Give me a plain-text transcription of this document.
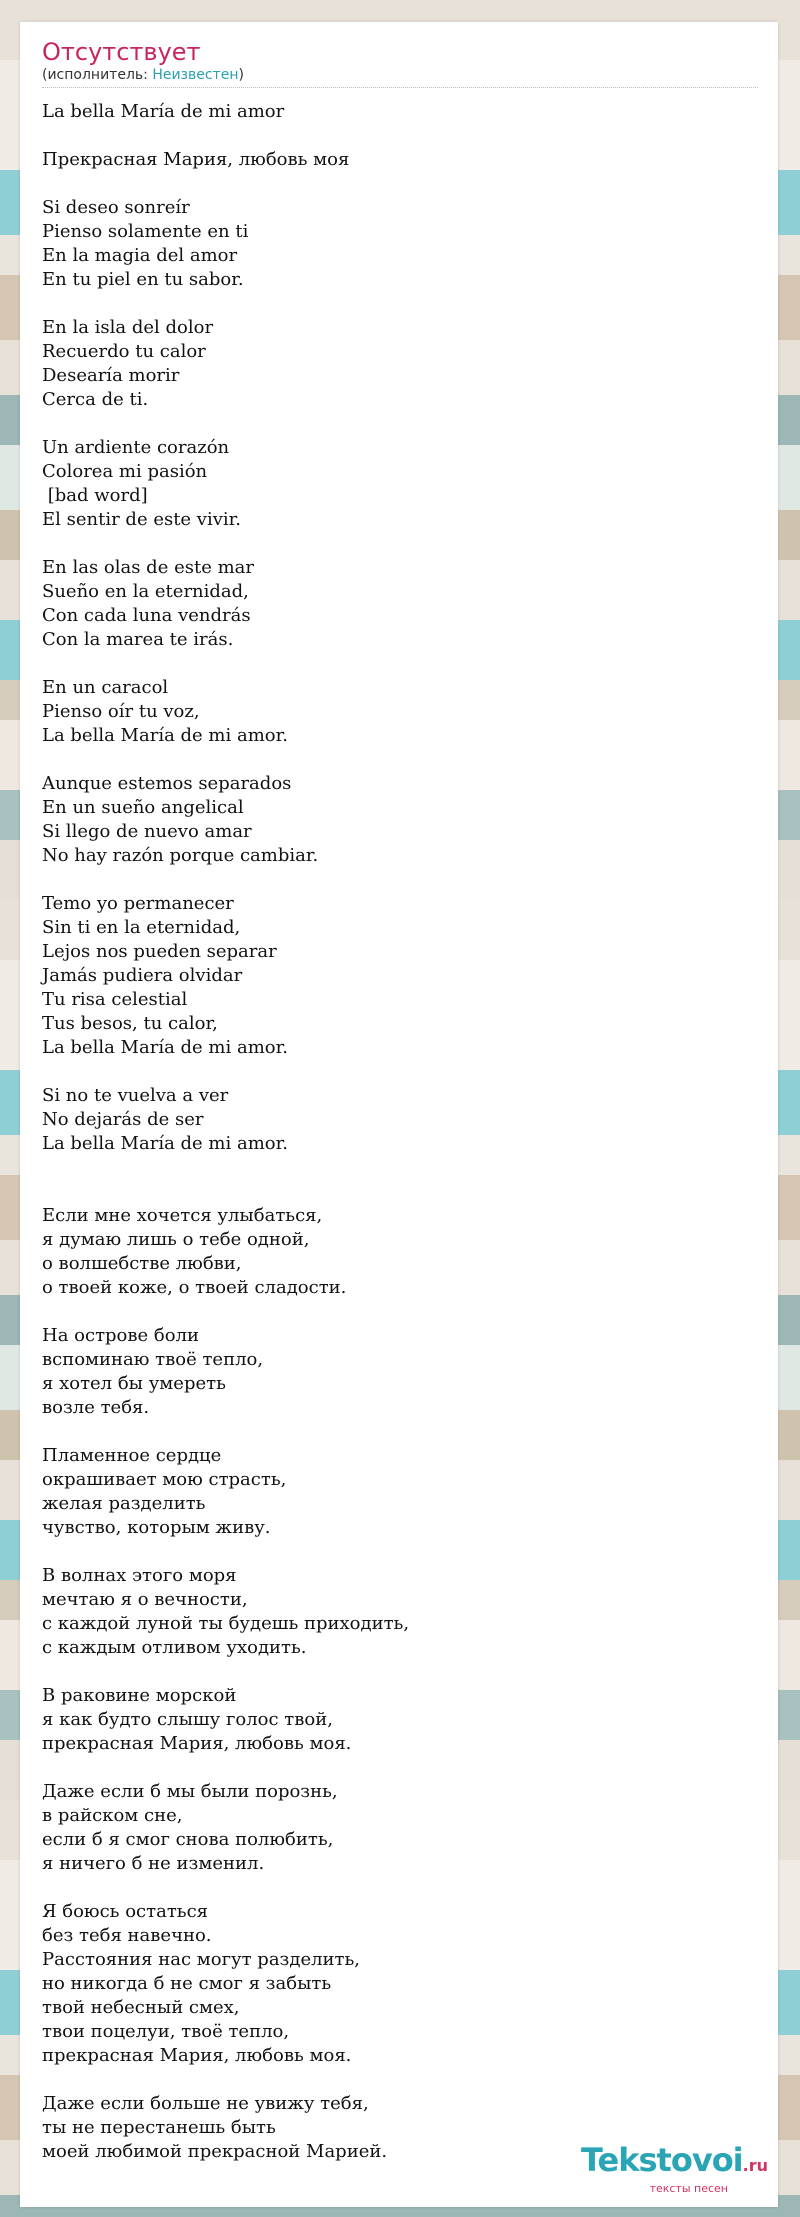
Отсутствует
(исполнитель: Неизвестен)
La bella María de mi amor

Прекрасная Мария, любовь моя

Si deseo sonreír
Pienso solamente en ti
En la magia del amor
En tu piel en tu sabor.

En la isla del dolor
Recuerdo tu calor
Desearía morir
Cerca de ti.

Un ardiente corazón
Colorea mi pasión
[bad word]
El sentir de este vivir.

En las olas de este mar
Sueño en la eternidad,
Con cada luna vendrás
Con la marea te irás.

En un caracol
Pienso oír tu voz,
La bella María de mi amor.

Aunque estemos separados
En un sueño angelical
Si llego de nuevo amar
No hay razón porque cambiar.

Temo yo permanecer
Sin ti en la eternidad,
Lejos nos pueden separar
Jamás pudiera olvidar
Tu risa celestial
Tus besos, tu calor,
La bella María de mi amor.

Si no te vuelva a ver
No dejarás de ser
La bella María de mi amor.

Если мне хочется улыбаться,
я думаю лишь о тебе одной,
о волшебстве любви,
о твоей коже, о твоей сладости.

На острове боли
вспоминаю твоё тепло,
я хотел бы умереть
возле тебя.

Пламенное сердце
окрашивает мою страсть,
желая разделить
чувство, которым живу.

В волнах этого моря
мечтаю я о вечности,
с каждой луной ты будешь приходить,
с каждым отливом уходить.

В раковине морской
я как будто слышу голос твой,
прекрасная Мария, любовь моя.

Даже если б мы были порознь,
в райском сне,
если б я смог снова полюбить,
я ничего б не изменил.

Я боюсь остаться
без тебя навечно.
Расстояния нас могут разделить,
но никогда б не смог я забыть
твой небесный смех,
твои поцелуи, твоё тепло,
прекрасная Мария, любовь моя.

Даже если больше не увижу тебя,
ты не перестанешь быть
моей любимой прекрасной Марией.	Tekstovoi.ru
тексты песен
